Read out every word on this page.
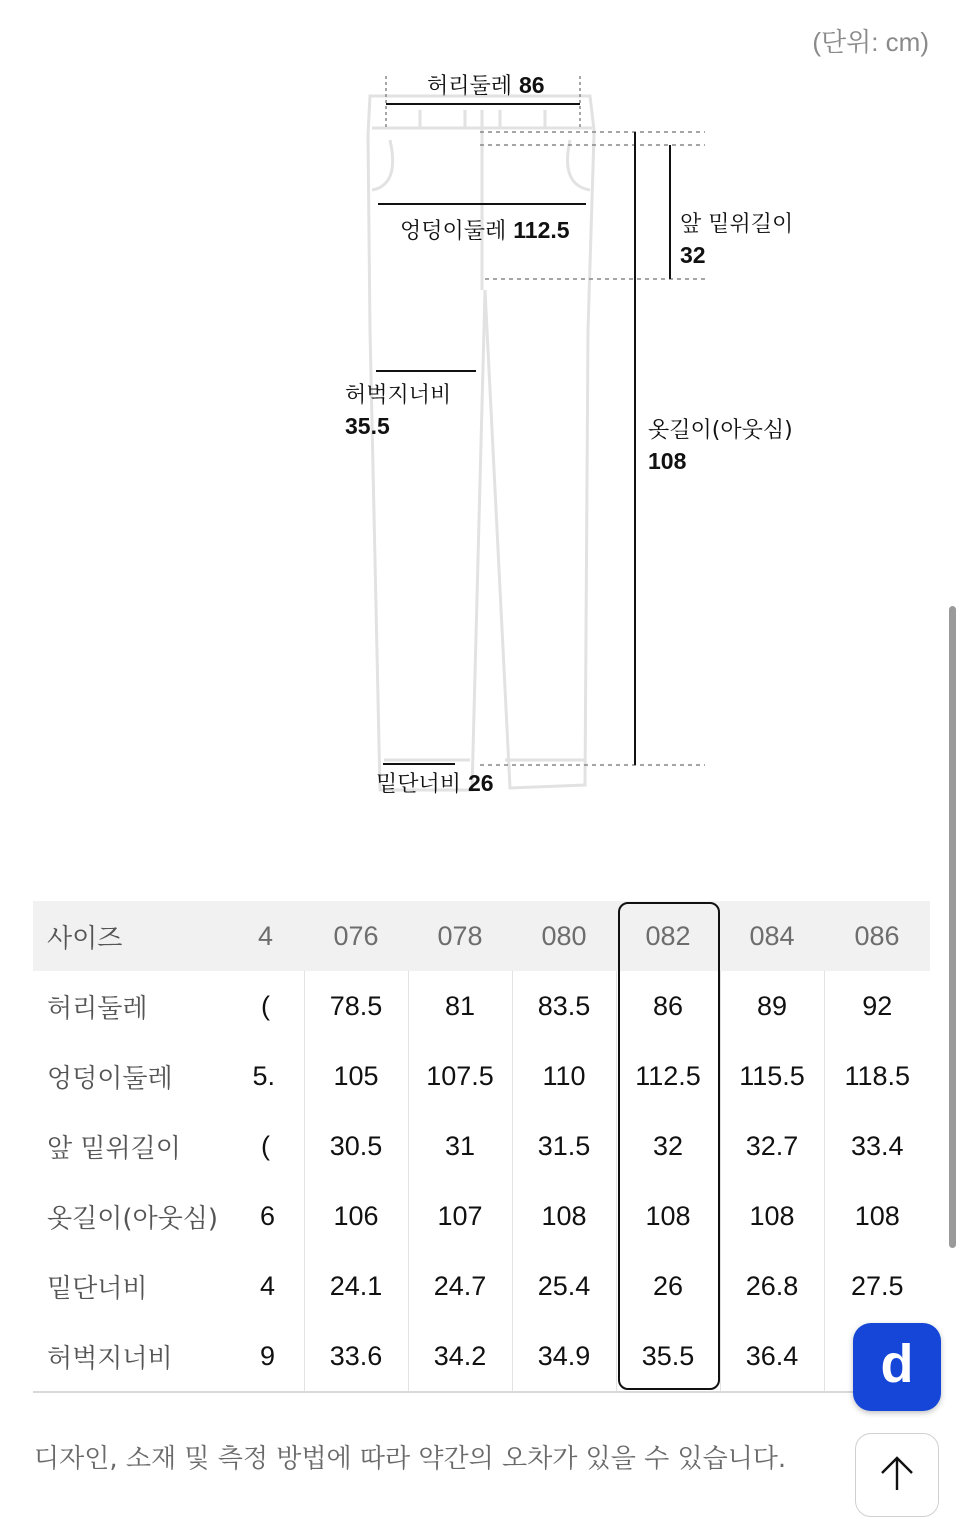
(단위: cm)
허리둘레 86
엉덩이둘레 112.5	앞 밑위길이
32
허벅지너비
35.5	옷길이(아웃심)
108
밑단너비 26
사이즈	4	076	078	080	082	084	086
허리둘레	)	78.5	81	83.5	86	89	92
엉덩이둘레	.5	105	107.5	110	112.5	115.5	118.5
앞 밑위길이	)	30.5	31	31.5	32	32.7	33.4
옷길이(아웃심)	6	106	107	108	108	108	108
밑단너비	4	24.1	24.7	25.4	26	26.8	27.5
허벅지너비	9	33.6	34.2	34.9	35.5	36.4	
디자인, 소재 및 측정 방법에 따라 약간의 오차가 있을 수 있습니다.
d
